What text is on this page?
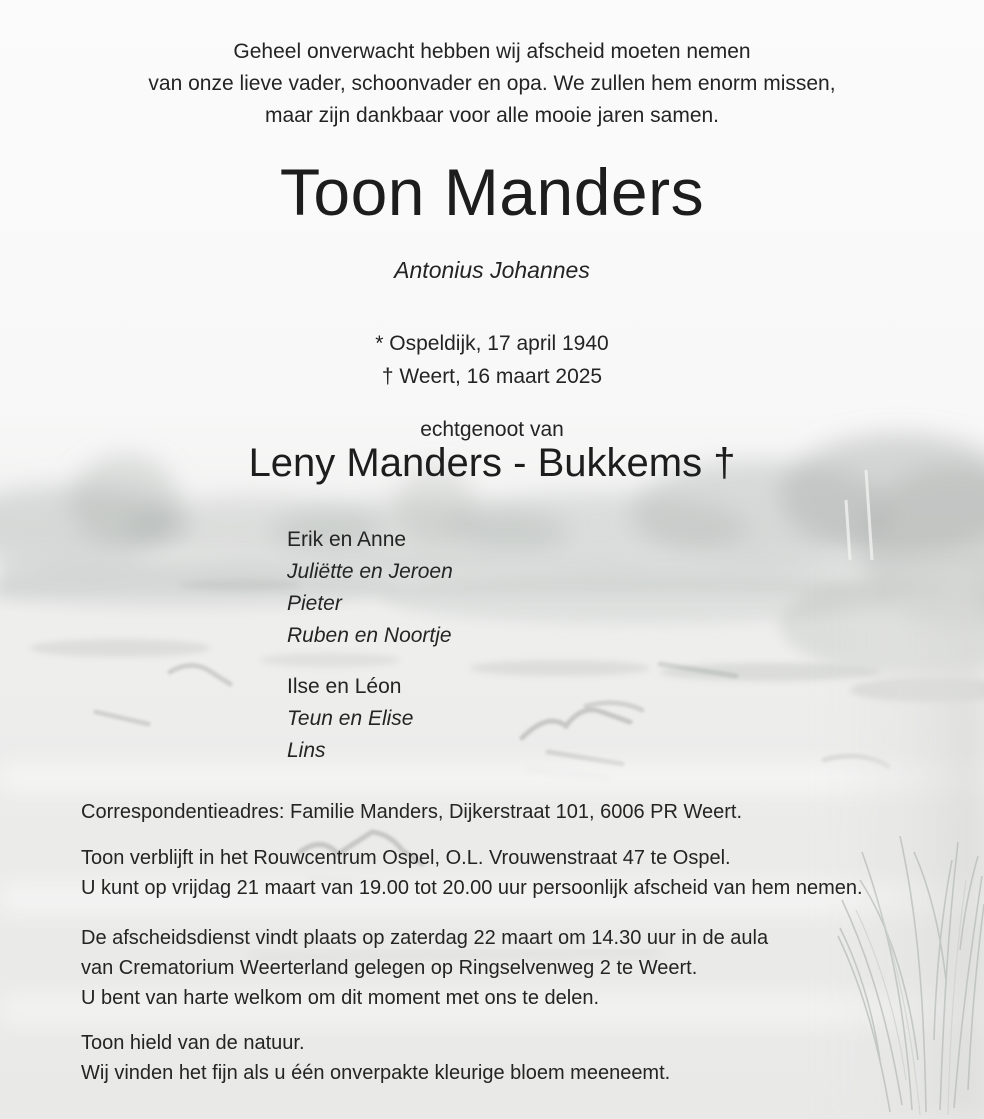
Geheel onverwacht hebben wij afscheid moeten nemen
van onze lieve vader, schoonvader en opa. We zullen hem enorm missen,
maar zijn dankbaar voor alle mooie jaren samen.
Toon Manders
Antonius Johannes
* Ospeldijk, 17 april 1940
† Weert, 16 maart 2025
echtgenoot van
Leny Manders - Bukkems †
Erik en Anne
Juliëtte en Jeroen
Pieter
Ruben en Noortje
Ilse en Léon
Teun en Elise
Lins
Correspondentieadres: Familie Manders, Dijkerstraat 101, 6006 PR Weert.
Toon verblijft in het Rouwcentrum Ospel, O.L. Vrouwenstraat 47 te Ospel.
U kunt op vrijdag 21 maart van 19.00 tot 20.00 uur persoonlijk afscheid van hem nemen.
De afscheidsdienst vindt plaats op zaterdag 22 maart om 14.30 uur in de aula
van Crematorium Weerterland gelegen op Ringselvenweg 2 te Weert.
U bent van harte welkom om dit moment met ons te delen.
Toon hield van de natuur.
Wij vinden het fijn als u één onverpakte kleurige bloem meeneemt.
